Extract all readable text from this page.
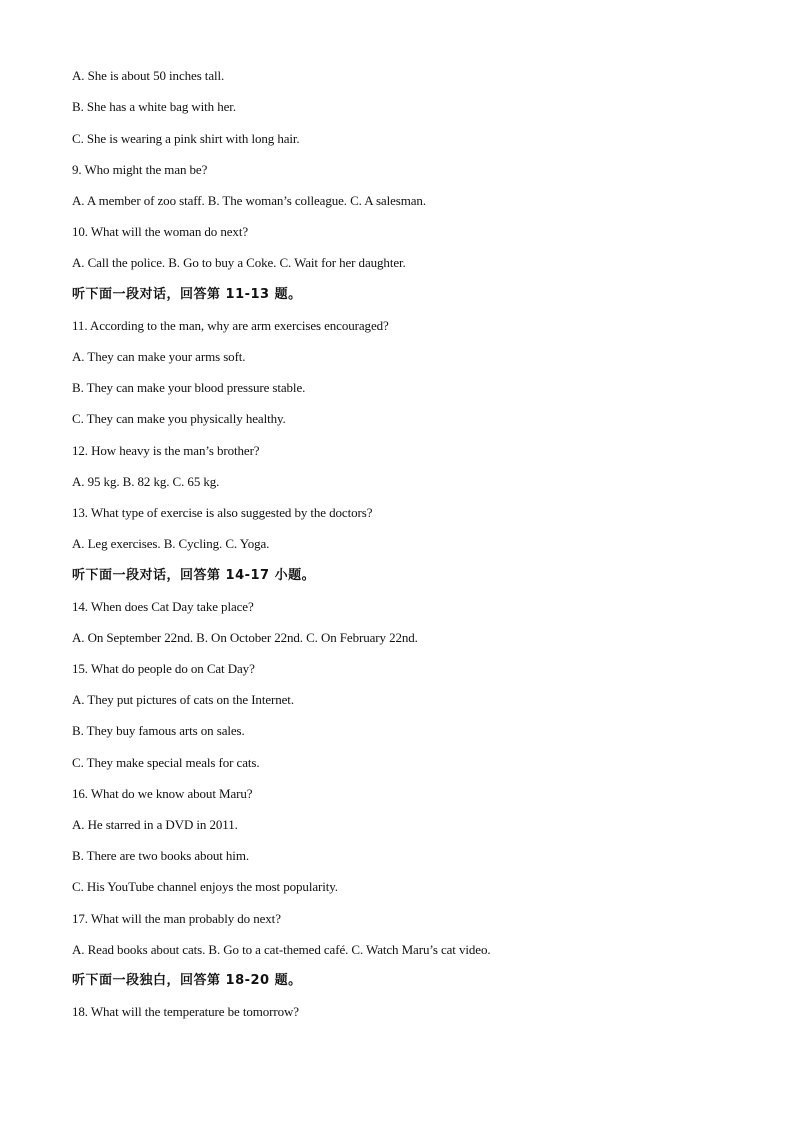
A. She is about 50 inches tall.
B. She has a white bag with her.
C. She is wearing a pink shirt with long hair.
9. Who might the man be?
A. A member of zoo staff. B. The woman’s colleague. C. A salesman.
10. What will the woman do next?
A. Call the police. B. Go to buy a Coke. C. Wait for her daughter.
听下面一段对话，回答第 11-13 题。
11. According to the man, why are arm exercises encouraged?
A. They can make your arms soft.
B. They can make your blood pressure stable.
C. They can make you physically healthy.
12. How heavy is the man’s brother?
A. 95 kg. B. 82 kg. C. 65 kg.
13. What type of exercise is also suggested by the doctors?
A. Leg exercises. B. Cycling. C. Yoga.
听下面一段对话，回答第 14-17 小题。
14. When does Cat Day take place?
A. On September 22nd. B. On October 22nd. C. On February 22nd.
15. What do people do on Cat Day?
A. They put pictures of cats on the Internet.
B. They buy famous arts on sales.
C. They make special meals for cats.
16. What do we know about Maru?
A. He starred in a DVD in 2011.
B. There are two books about him.
C. His YouTube channel enjoys the most popularity.
17. What will the man probably do next?
A. Read books about cats. B. Go to a cat-themed café. C. Watch Maru’s cat video.
听下面一段独白，回答第 18-20 题。
18. What will the temperature be tomorrow?
